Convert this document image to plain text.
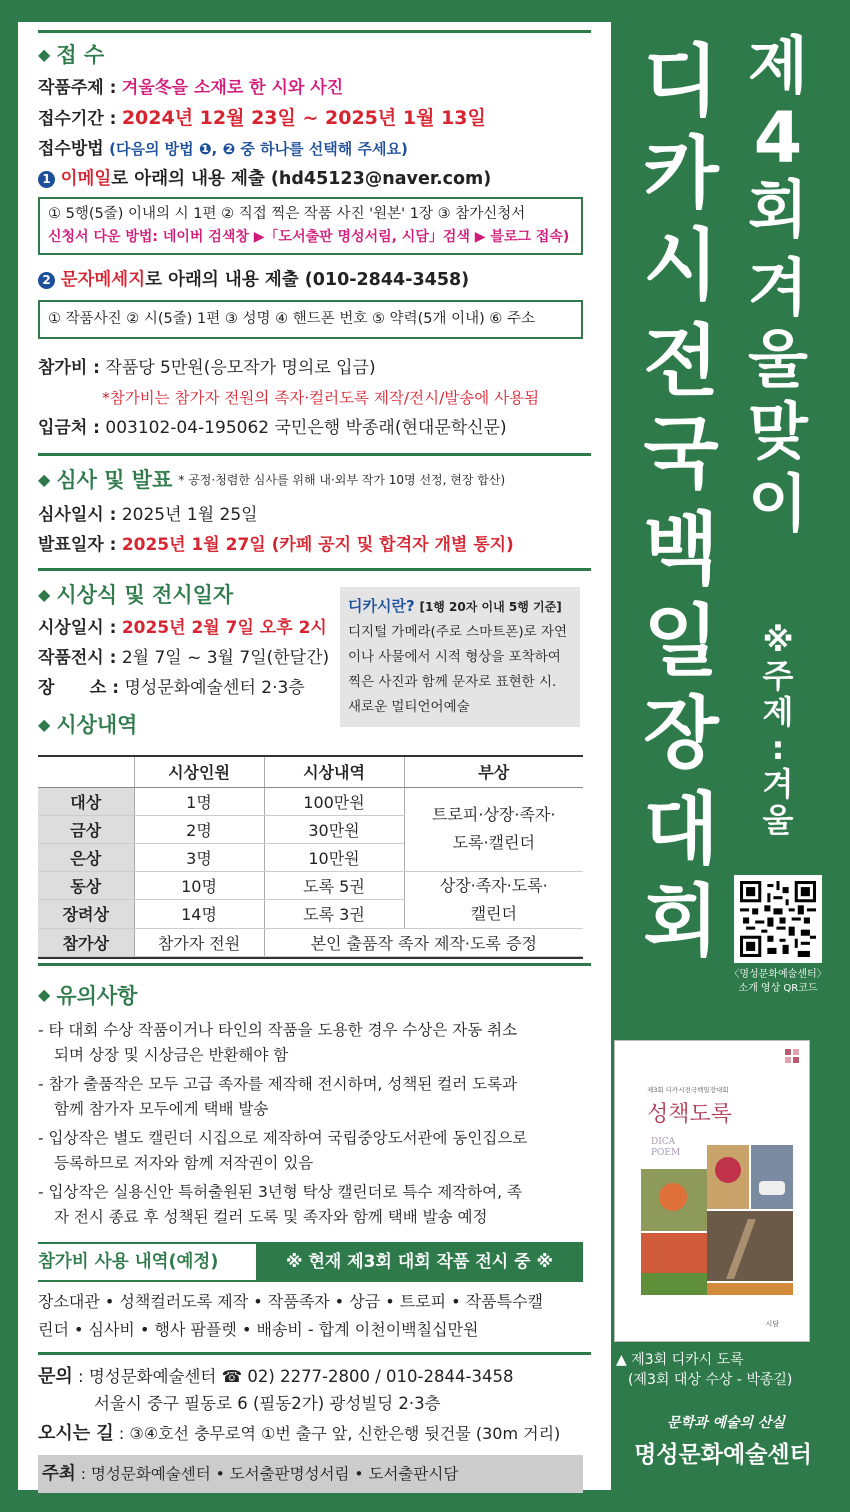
◆ 접 수
작품주제 : 겨울冬을 소재로 한 시와 사진
접수기간 : 2024년 12월 23일 ~ 2025년 1월 13일
접수방법 (다음의 방법 ❶, ❷ 중 하나를 선택해 주세요)
1 이메일로 아래의 내용 제출 (hd45123@naver.com)
① 5행(5줄) 이내의 시 1편 ② 직접 찍은 작품 사진 '원본' 1장 ③ 참가신청서
신청서 다운 방법: 네이버 검색창 ▶「도서출판 명성서림, 시담」검색 ▶ 블로그 접속)
2 문자메세지로 아래의 내용 제출 (010-2844-3458)
① 작품사진 ② 시(5줄) 1편 ③ 성명 ④ 핸드폰 번호 ⑤ 약력(5개 이내) ⑥ 주소
참가비 : 작품당 5만원(응모작가 명의로 입금)
*참가비는 참가자 전원의 족자·컬러도록 제작/전시/발송에 사용됨
입금처 : 003102-04-195062 국민은행 박종래(현대문학신문)
◆ 심사 및 발표 * 공정·청렴한 심사를 위해 내·외부 작가 10명 선정, 현장 합산)
심사일시 : 2025년 1월 25일
발표일자 : 2025년 1월 27일 (카페 공지 및 합격자 개별 통지)
◆ 시상식 및 전시일자
시상일시 : 2025년 2월 7일 오후 2시
작품전시 : 2월 7일 ~ 3월 7일(한달간)
장      소 : 명성문화예술센터 2·3층
◆ 시상내역
디카시란? [1행 20자 이내 5행 기준]
디지털 가메라(주로 스마트폰)로 자연
이나 사물에서 시적 형상을 포착하여
찍은 사진과 함께 문자로 표현한 시.
새로운 멀티언어예술
	시상인원	시상내역	부상
대상	1명	100만원	트로피·상장·족자·
도록·캘린더

금상	2명	30만원	
은상	3명	10만원	
동상	10명	도록 5권	상장·족자·도록·
캘린더

장려상	14명	도록 3권	
참가상	참가자 전원	본인 출품작 족자 제작·도록 증정	
◆ 유의사항
- 타 대회 수상 작품이거나 타인의 작품을 도용한 경우 수상은 자동 취소
되며 상장 및 시상금은 반환해야 함
- 참가 출품작은 모두 고급 족자를 제작해 전시하며, 성책된 컬러 도록과
함께 참가자 모두에게 택배 발송
- 입상작은 별도 캘린더 시집으로 제작하여 국립중앙도서관에 동인집으로
등록하므로 저자와 함께 저작권이 있음
- 입상작은 실용신안 특허출원된 3년형 탁상 캘린더로 특수 제작하여, 족
자 전시 종료 후 성책된 컬러 도록 및 족자와 함께 택배 발송 예정
참가비 사용 내역(예정)	※ 현재 제3회 대회 작품 전시 중 ※
장소대관 • 성책컬러도록 제작 • 작품족자 • 상금 • 트로피 • 작품특수캘
린더 • 심사비 • 행사 팜플렛 • 배송비 - 합계 이천이백칠십만원
문의 : 명성문화예술센터 ☎ 02) 2277-2800 / 010-2844-3458
서울시 중구 필동로 6 (필동2가) 광성빌딩 2·3층
오시는 길 : ③④호선 충무로역 ①번 출구 앞, 신한은행 뒷건물 (30m 거리)
주최 : 명성문화예술센터 • 도서출판명성서림 • 도서출판시담
디
카
시
전
국
백
일
장
대
회
제
4
회
겨
울
맞
이
※
주
제
:
겨
울
〈명성문화예술센터〉
소개 영상 QR코드
제3회 디카시전국백일장대회
성책도록
DICA
POEM
시담
▲ 제3회 디카시 도록
(제3회 대상 수상 - 박종길)
문학과 예술의 산실
명성문화예술센터
